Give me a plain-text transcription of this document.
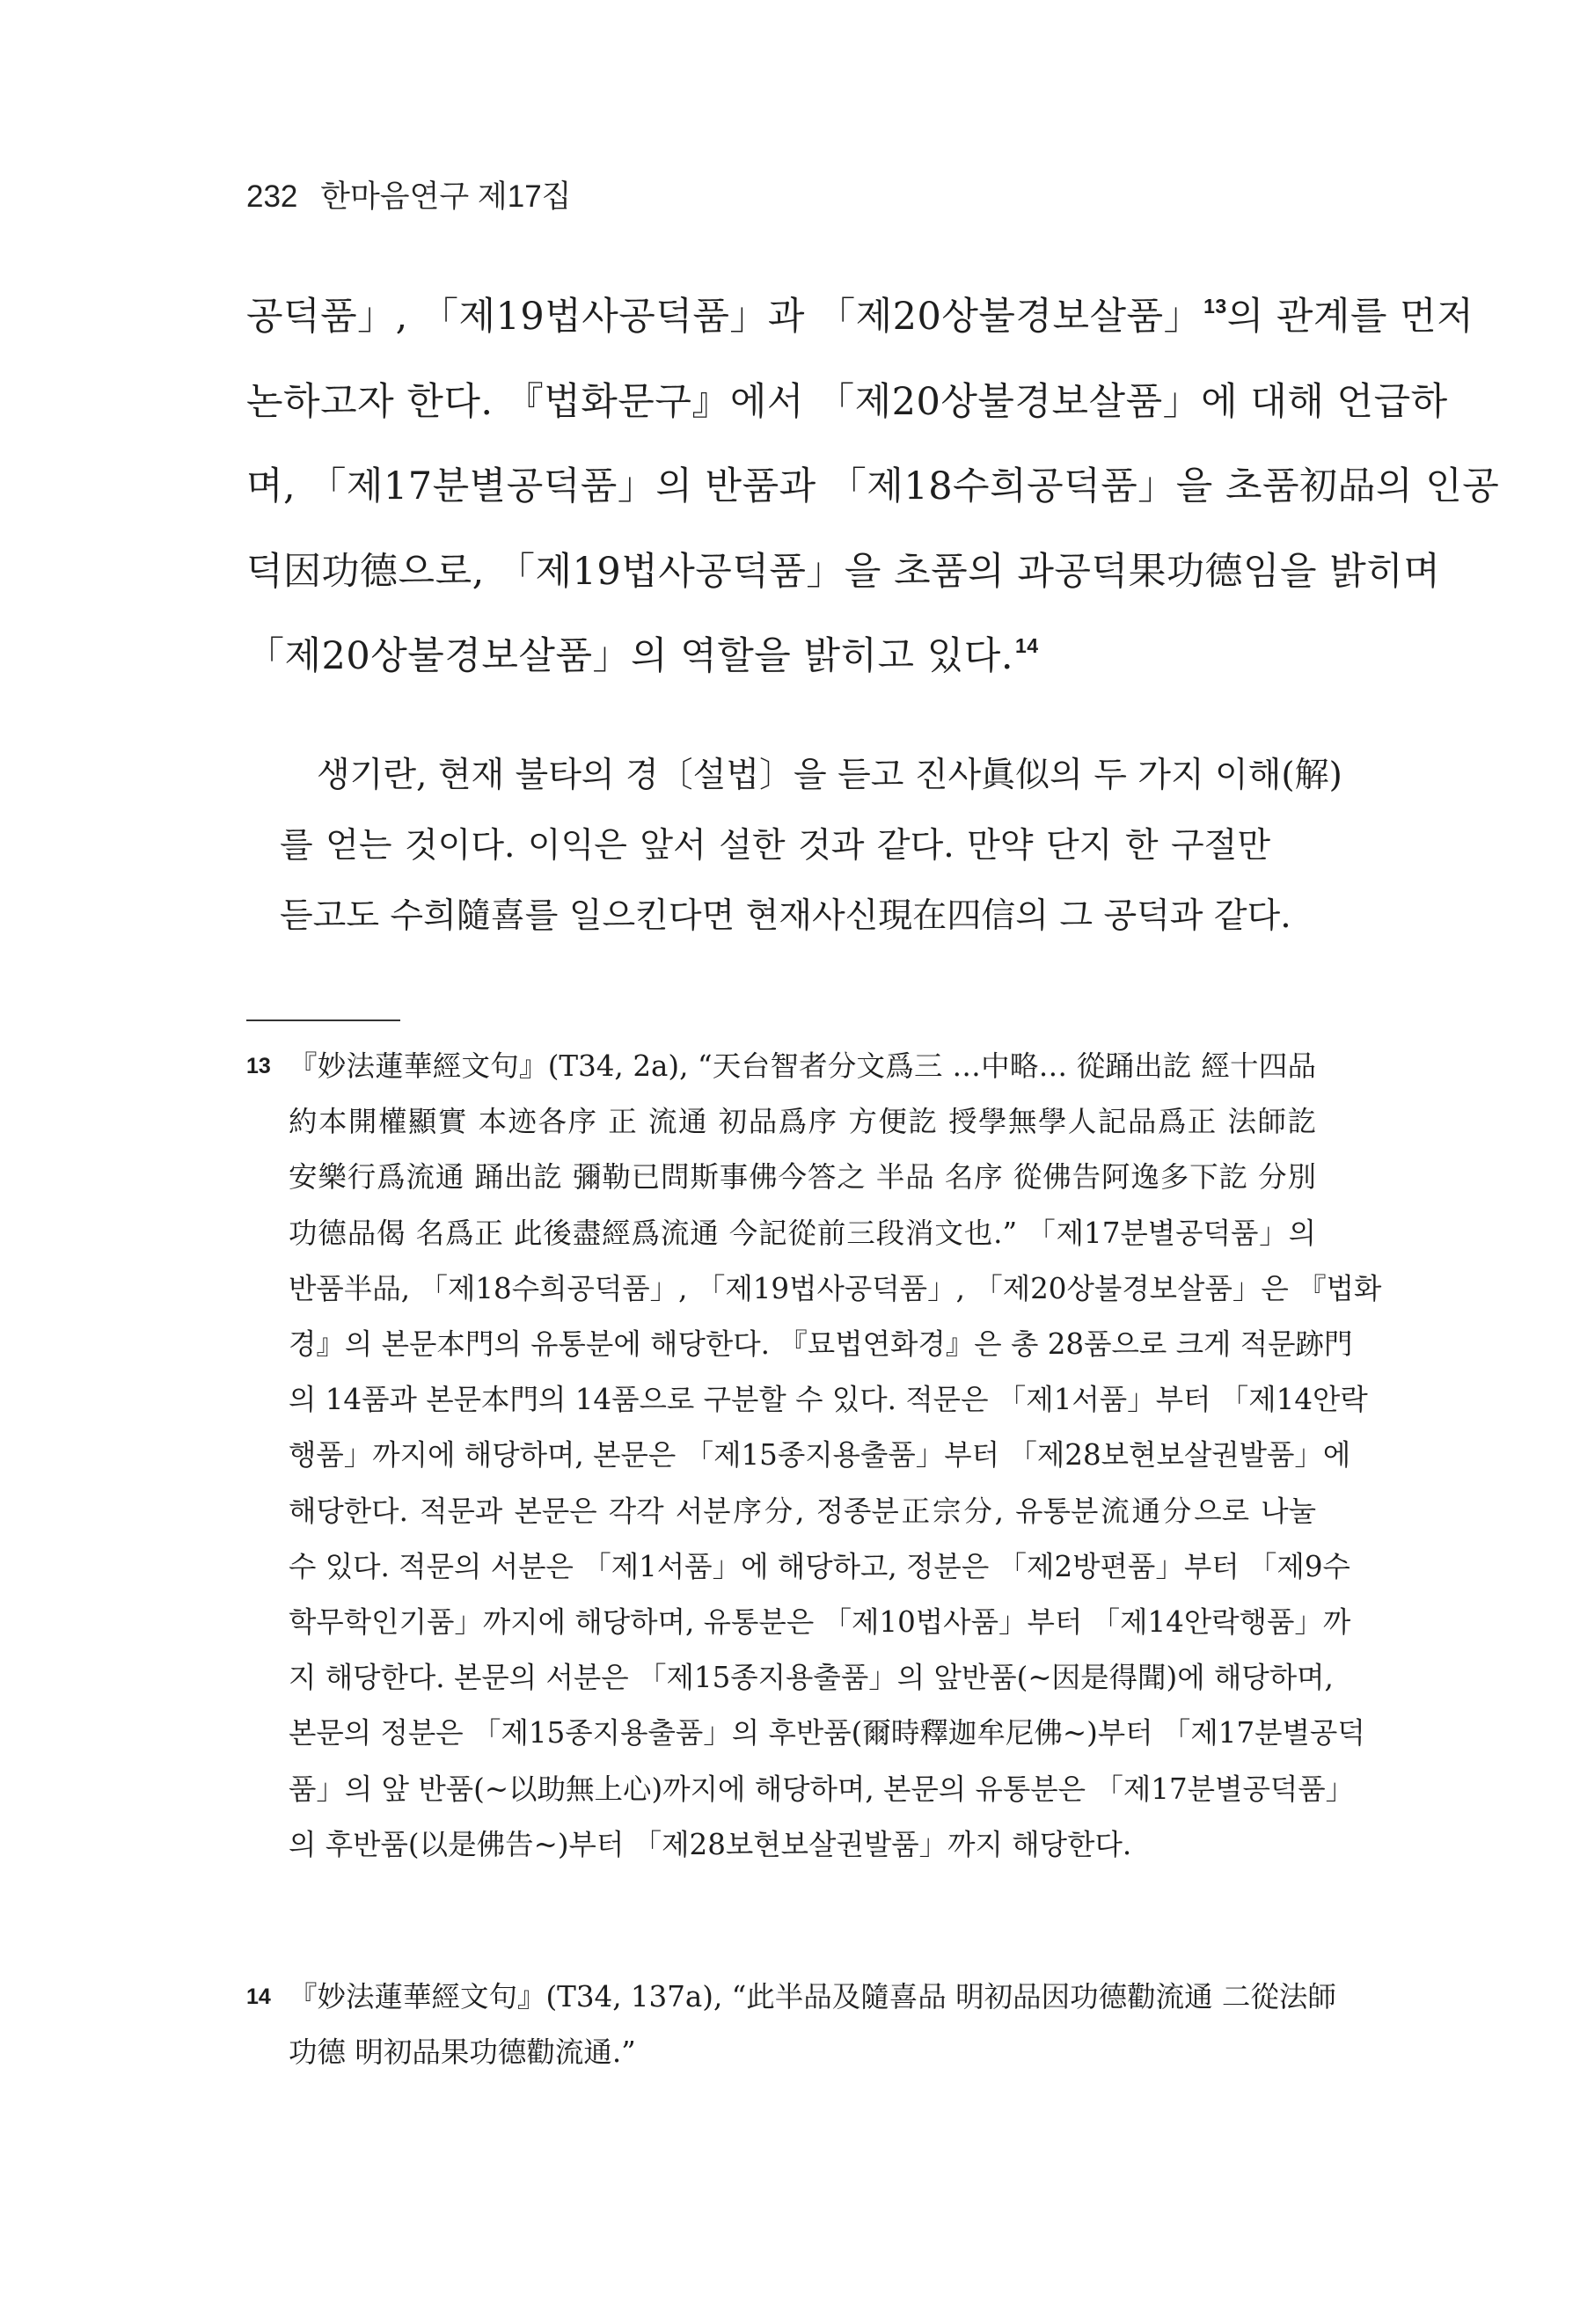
232 한마음연구 제17집
공덕품」, 「제19법사공덕품」과 「제20상불경보살품」$^{13}$의 관계를 먼저
논하고자 한다. 『법화문구』에서 「제20상불경보살품」에 대해 언급하
며, 「제17분별공덕품」의 반품과 「제18수희공덕품」을 초품初品의 인공
덕因功德으로, 「제19법사공덕품」을 초품의 과공덕果功德임을 밝히며
「제20상불경보살품」의 역할을 밝히고 있다.$^{14}$
생기란, 현재 불타의 경〔설법〕을 듣고 진사眞似의 두 가지 이해(解)
를 얻는 것이다. 이익은 앞서 설한 것과 같다. 만약 단지 한 구절만
듣고도 수희隨喜를 일으킨다면 현재사신現在四信의 그 공덕과 같다.
13 『妙法蓮華經文句』(T34, 2a), “天台智者分文爲三 …中略… 從踊出訖 經十四品
約本開權顯實 本迹各序 正 流通 初品爲序 方便訖 授學無學人記品爲正 法師訖
安樂行爲流通 踊出訖 彌勒已問斯事佛今答之 半品 名序 從佛告阿逸多下訖 分別
功德品偈 名爲正 此後盡經爲流通 今記從前三段消文也.” 「제17분별공덕품」의
반품半品, 「제18수희공덕품」, 「제19법사공덕품」, 「제20상불경보살품」은 『법화
경』의 본문本門의 유통분에 해당한다. 『묘법연화경』은 총 28품으로 크게 적문跡門
의 14품과 본문本門의 14품으로 구분할 수 있다. 적문은 「제1서품」부터 「제14안락
행품」까지에 해당하며, 본문은 「제15종지용출품」부터 「제28보현보살권발품」에
해당한다. 적문과 본문은 각각 서분序分, 정종분正宗分, 유통분流通分으로 나눌
수 있다. 적문의 서분은 「제1서품」에 해당하고, 정분은 「제2방편품」부터 「제9수
학무학인기품」까지에 해당하며, 유통분은 「제10법사품」부터 「제14안락행품」까
지 해당한다. 본문의 서분은 「제15종지용출품」의 앞반품(~因是得聞)에 해당하며,
본문의 정분은 「제15종지용출품」의 후반품(爾時釋迦牟尼佛~)부터 「제17분별공덕
품」의 앞 반품(~以助無上心)까지에 해당하며, 본문의 유통분은 「제17분별공덕품」
의 후반품(以是佛告~)부터 「제28보현보살권발품」까지 해당한다.
14 『妙法蓮華經文句』(T34, 137a), “此半品及隨喜品 明初品因功德勸流通 二從法師
功德 明初品果功德勸流通.”
